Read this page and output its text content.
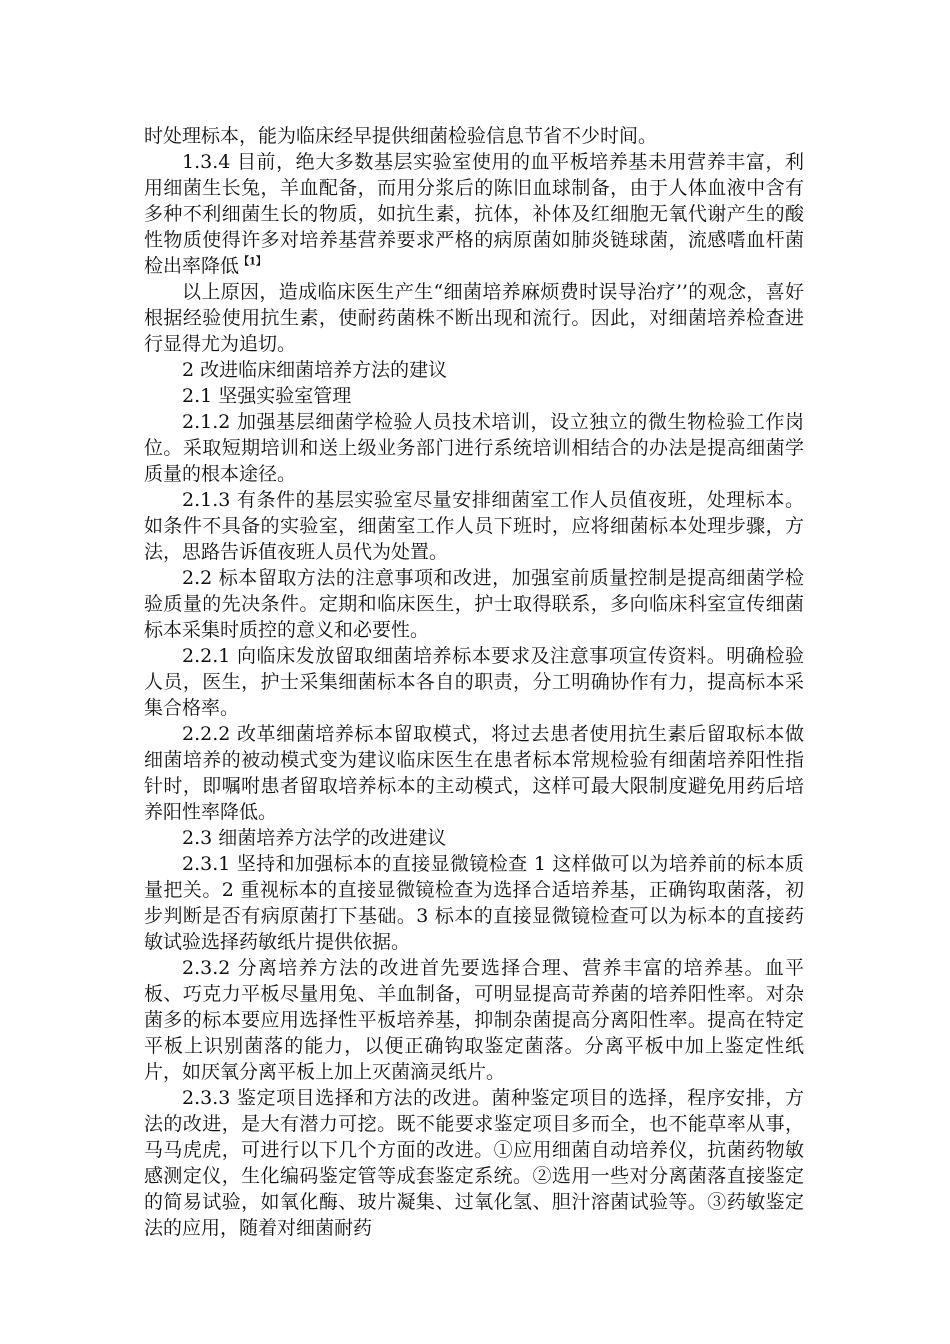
时处理标本，能为临床经早提供细菌检验信息节省不少时间。

1.3.4 目前，绝大多数基层实验室使用的血平板培养基未用营养丰富，利用细菌生长兔，羊血配备，而用分浆后的陈旧血球制备，由于人体血液中含有多种不利细菌生长的物质，如抗生素，抗体，补体及红细胞无氧代谢产生的酸性物质使得许多对培养基营养要求严格的病原菌如肺炎链球菌，流感嗜血杆菌检出率降低$^{【1】}$

以上原因，造成临床医生产生“细菌培养麻烦费时误导治疗’’的观念，喜好根据经验使用抗生素，使耐药菌株不断出现和流行。因此，对细菌培养检查进行显得尤为追切。

2 改进临床细菌培养方法的建议

2.1 坚强实验室管理

2.1.2 加强基层细菌学检验人员技术培训，设立独立的微生物检验工作岗位。采取短期培训和送上级业务部门进行系统培训相结合的办法是提高细菌学质量的根本途径。

2.1.3 有条件的基层实验室尽量安排细菌室工作人员值夜班，处理标本。如条件不具备的实验室，细菌室工作人员下班时，应将细菌标本处理步骤，方法，思路告诉值夜班人员代为处置。

2.2 标本留取方法的注意事项和改进，加强室前质量控制是提高细菌学检验质量的先决条件。定期和临床医生，护士取得联系，多向临床科室宣传细菌标本采集时质控的意义和必要性。

2.2.1 向临床发放留取细菌培养标本要求及注意事项宣传资料。明确检验人员，医生，护士采集细菌标本各自的职责，分工明确协作有力，提高标本采集合格率。

2.2.2 改革细菌培养标本留取模式，将过去患者使用抗生素后留取标本做细菌培养的被动模式变为建议临床医生在患者标本常规检验有细菌培养阳性指针时，即嘱咐患者留取培养标本的主动模式，这样可最大限制度避免用药后培养阳性率降低。

2.3 细菌培养方法学的改进建议

2.3.1 坚持和加强标本的直接显微镜检查 1 这样做可以为培养前的标本质量把关。2 重视标本的直接显微镜检查为选择合适培养基，正确钩取菌落，初步判断是否有病原菌打下基础。3 标本的直接显微镜检查可以为标本的直接药敏试验选择药敏纸片提供依据。

2.3.2 分离培养方法的改进首先要选择合理、营养丰富的培养基。血平板、巧克力平板尽量用兔、羊血制备，可明显提高苛养菌的培养阳性率。对杂菌多的标本要应用选择性平板培养基，抑制杂菌提高分离阳性率。提高在特定平板上识别菌落的能力，以便正确钩取鉴定菌落。分离平板中加上鉴定性纸片，如厌氧分离平板上加上灭菌滴灵纸片。

2.3.3 鉴定项目选择和方法的改进。菌种鉴定项目的选择，程序安排，方法的改进，是大有潜力可挖。既不能要求鉴定项目多而全，也不能草率从事，马马虎虎，可进行以下几个方面的改进。①应用细菌自动培养仪，抗菌药物敏感测定仪，生化编码鉴定管等成套鉴定系统。②选用一些对分离菌落直接鉴定的简易试验，如氧化酶、玻片凝集、过氧化氢、胆汁溶菌试验等。③药敏鉴定法的应用，随着对细菌耐药
